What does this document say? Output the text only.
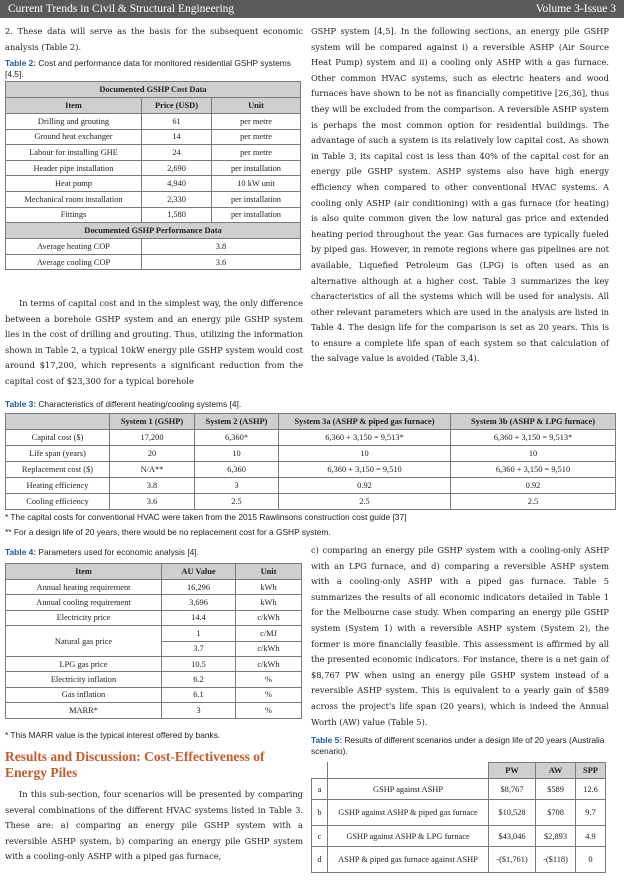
Current Trends in Civil & Structural Engineering	Volume 3-Issue 3

2. These data will serve as the basis for the subsequent economic analysis (Table 2).

Table 2: Cost and performance data for monitored residential GSHP systems [4,5].
Documented GSHP Cost Data		
Item	Price (USD)	Unit
Drilling and grouting	61	per metre
Ground heat exchanger	14	per metre
Labour for installing GHE	24	per metre
Header pipe installation	2,690	per installation
Heat pump	4,940	10 kW unit
Mechanical room installation	2,330	per installation
Fittings	1,580	per installation
Documented GSHP Performance Data		
Average heating COP	3.8	
Average cooling COP	3.6	

In terms of capital cost and in the simplest way, the only difference between a borehole GSHP system and an energy pile GSHP system lies in the cost of drilling and grouting. Thus, utilizing the information shown in Table 2, a typical 10kW energy pile GSHP system would cost around $17,200, which represents a significant reduction from the capital cost of $23,300 for a typical borehole

GSHP system [4,5]. In the following sections, an energy pile GSHP system will be compared against i) a reversible ASHP (Air Source Heat Pump) system and ii) a cooling only ASHP with a gas furnace. Other common HVAC systems, such as electric heaters and wood furnaces have shown to be not as financially competitive [26,36], thus they will be excluded from the comparison. A reversible ASHP system is perhaps the most common option for residential buildings. The advantage of such a system is its relatively low capital cost. As shown in Table 3, its capital cost is less than 40% of the capital cost for an energy pile GSHP system. ASHP systems also have high energy efficiency when compared to other conventional HVAC systems. A cooling only ASHP (air conditioning) with a gas furnace (for heating) is also quite common given the low natural gas price and extended heating period throughout the year. Gas furnaces are typically fueled by piped gas. However, in remote regions where gas pipelines are not available, Liquefied Petroleum Gas (LPG) is often used as an alternative although at a higher cost. Table 3 summarizes the key characteristics of all the systems which will be used for analysis. All other relevant parameters which are used in the analysis are listed in Table 4. The design life for the comparison is set as 20 years. This is to ensure a complete life span of each system so that calculation of the salvage value is avoided (Table 3,4).

Table 3: Characteristics of different heating/cooling systems [4].
	System 1 (GSHP)	System 2 (ASHP)	System 3a (ASHP & piped gas furnace)	System 3b (ASHP & LPG furnace)
Capital cost ($)	17,200	6,360*	6,360 + 3,150 = 9,513*	6,360 + 3,150 = 9,513*
Life span (years)	20	10	10	10
Replacement cost ($)	N/A**	6,360	6,360 + 3,150 = 9,510	6,360 + 3,150 = 9,510
Heating efficiency	3.8	3	0.92	0.92
Cooling efficiency	3.6	2.5	2.5	2.5
* The capital costs for conventional HVAC were taken from the 2015 Rawlinsons construction cost guide [37]
** For a design life of 20 years, there would be no replacement cost for a GSHP system.
Table 4: Parameters used for economic analysis [4].
Item	AU Value	Unit
Annual heating requirement	16,296	kWh
Annual cooling requirement	3,696	kWh
Electricity price	14.4	c/kWh
Natural gas price	1	c/MJ
	3.7	c/kWh
LPG gas price	10.5	c/kWh
Electricity inflation	6.2	%
Gas inflation	6.1	%
MARR*	3	%
* This MARR value is the typical interest offered by banks.
Results and Discussion: Cost-Effectiveness of Energy Piles

In this sub-section, four scenarios will be presented by comparing several combinations of the different HVAC systems listed in Table 3. These are: a) comparing an energy pile GSHP system with a reversible ASHP system, b) comparing an energy pile GSHP system with a cooling-only ASHP with a piped gas furnace,

c) comparing an energy pile GSHP system with a cooling-only ASHP with an LPG furnace, and d) comparing a reversible ASHP system with a cooling-only ASHP with a piped gas furnace. Table 5 summarizes the results of all economic indicators detailed in Table 1 for the Melbourne case study. When comparing an energy pile GSHP system (System 1) with a reversible ASHP system (System 2), the former is more financially feasible. This assessment is affirmed by all the presented economic indicators. For instance, there is a net gain of $8,767 PW when using an energy pile GSHP system instead of a reversible ASHP system. This is equivalent to a yearly gain of $589 across the project's life span (20 years), which is indeed the Annual Worth (AW) value (Table 5).

Table 5: Results of different scenarios under a design life of 20 years (Australia scenario).
		PW	AW	SPP
a	GSHP against ASHP	$8,767	$589	12.6
b	GSHP against ASHP & piped gas furnace	$10,528	$708	9.7
c	GSHP against ASHP & LPG furnace	$43,046	$2,893	4.9
d	ASHP & piped gas furnace against ASHP	-($1,761)	-($118)	0
